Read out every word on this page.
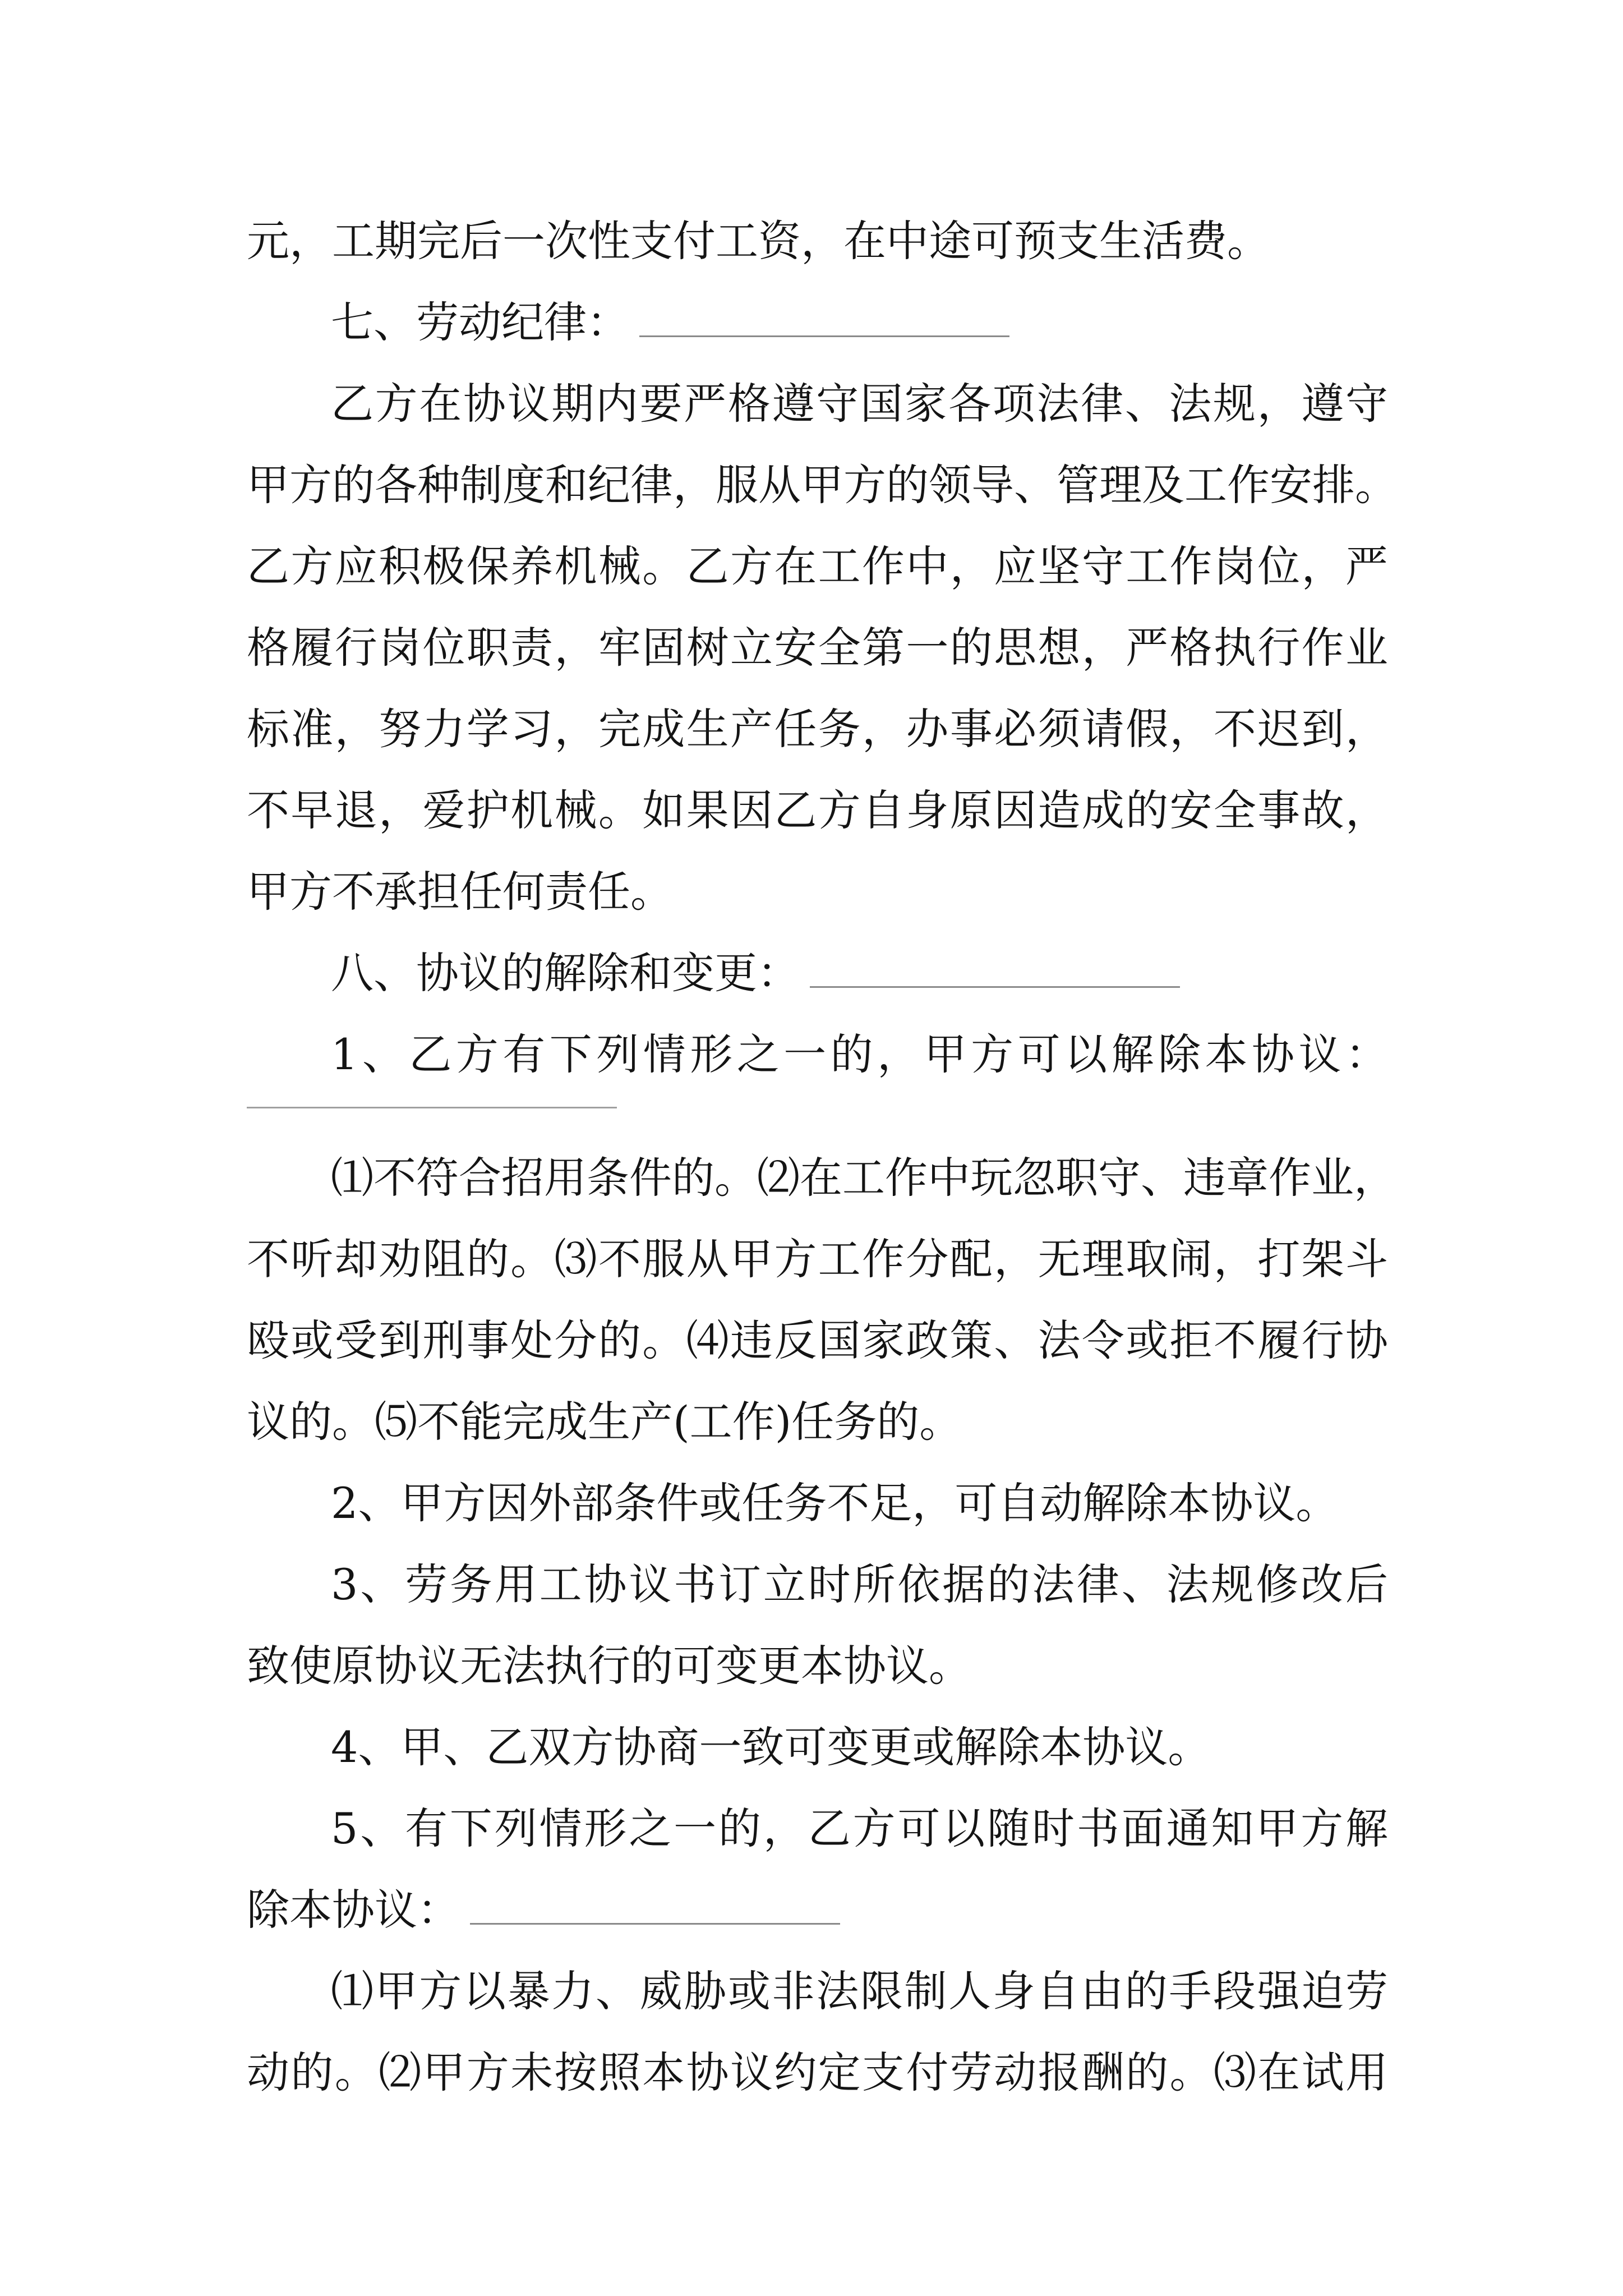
元，工期完后一次性支付工资，在中途可预支生活费。

七、劳动纪律：

乙方在协议期内要严格遵守国家各项法律、法规，遵守

甲方的各种制度和纪律，服从甲方的领导、管理及工作安排。

乙方应积极保养机械。乙方在工作中，应坚守工作岗位，严

格履行岗位职责，牢固树立安全第一的思想，严格执行作业

标准，努力学习，完成生产任务，办事必须请假，不迟到，

不早退，爱护机械。如果因乙方自身原因造成的安全事故，

甲方不承担任何责任。

八、协议的解除和变更：

1、乙方有下列情形之一的，甲方可以解除本协议：

⑴不符合招用条件的。⑵在工作中玩忽职守、违章作业，

不听却劝阻的。⑶不服从甲方工作分配，无理取闹，打架斗

殴或受到刑事处分的。⑷违反国家政策、法令或拒不履行协

议的。⑸不能完成生产(工作)任务的。

2、甲方因外部条件或任务不足，可自动解除本协议。

3、劳务用工协议书订立时所依据的法律、法规修改后

致使原协议无法执行的可变更本协议。

4、甲、乙双方协商一致可变更或解除本协议。

5、有下列情形之一的，乙方可以随时书面通知甲方解

除本协议：

⑴甲方以暴力、威胁或非法限制人身自由的手段强迫劳

动的。⑵甲方未按照本协议约定支付劳动报酬的。⑶在试用
